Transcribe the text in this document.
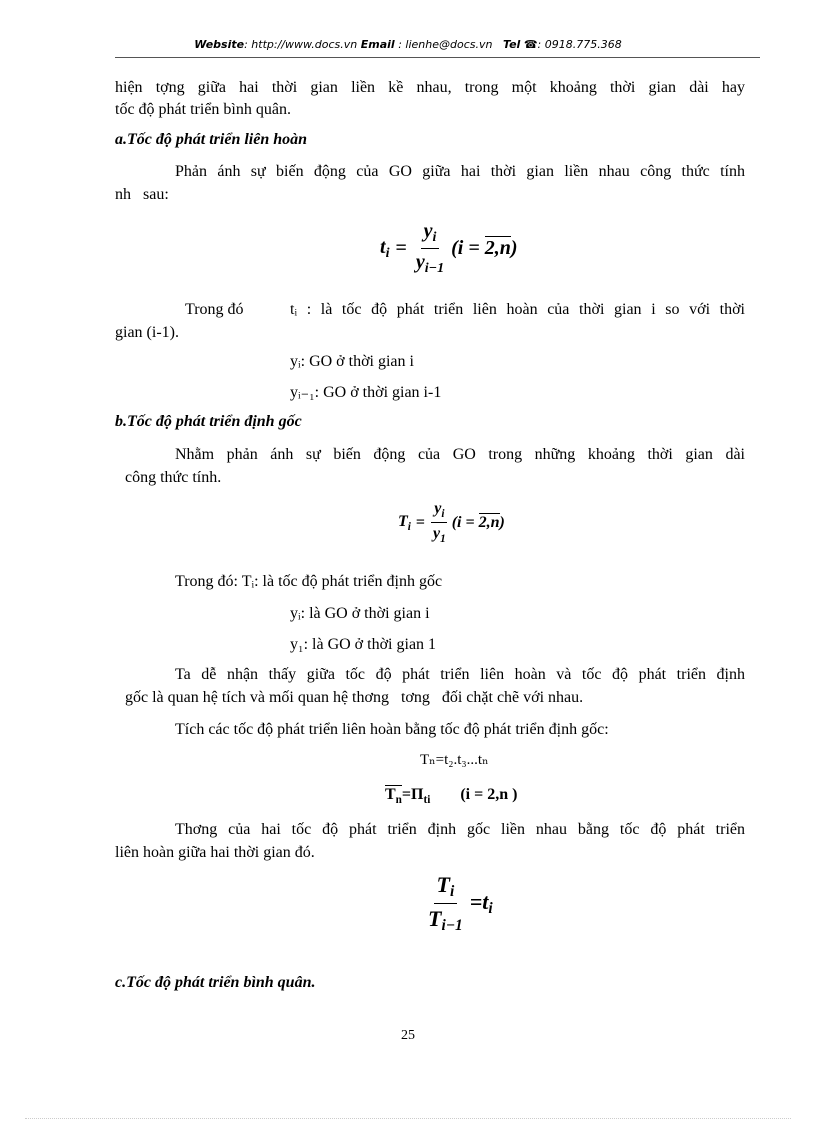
Website: http://www.docs.vn Email : lienhe@docs.vn Tel ☎: 0918.775.368
hiện tợng giữa hai thời gian liền kề nhau, trong một khoảng thời gian dài hay
tốc độ phát triển bình quân.
a.Tốc độ phát triển liên hoàn
Phản ánh sự biến động của GO giữa hai thời gian liền nhau công thức tính
nh   sau:
$t_i = \frac{y_i}{y_{i-1}} (i = 2,n)$
Trong đó	tᵢ : là tốc độ phát triển liên hoàn của thời gian i so với thời
gian (i-1).
yᵢ: GO ở thời gian i
yᵢ₋₁: GO ở thời gian i-1
b.Tốc độ phát triển định gốc
Nhằm phản ánh sự biến động của GO trong những khoảng thời gian dài
công thức tính.
$T_i = \frac{y_i}{y_1} (i = 2,n)$
Trong đó: Tᵢ: là tốc độ phát triển định gốc
yᵢ: là GO ở thời gian i
y₁: là GO ở thời gian 1
Ta dễ nhận thấy giữa tốc độ phát triển liên hoàn và tốc độ phát triển định
gốc là quan hệ tích và mối quan hệ thơng   tơng   đối chặt chẽ với nhau.
Tích các tốc độ phát triển liên hoàn bằng tốc độ phát triển định gốc:
Tₙ=t₂.t₃...tₙ
$T_n =\Pi_{ti}$ (i = 2,n )
Thơng của hai tốc độ phát triển định gốc liền nhau bằng tốc độ phát triển
liên hoàn giữa hai thời gian đó.
$\frac{T_i}{T_{i-1}} =t_i$
c.Tốc độ phát triển bình quân.
25
